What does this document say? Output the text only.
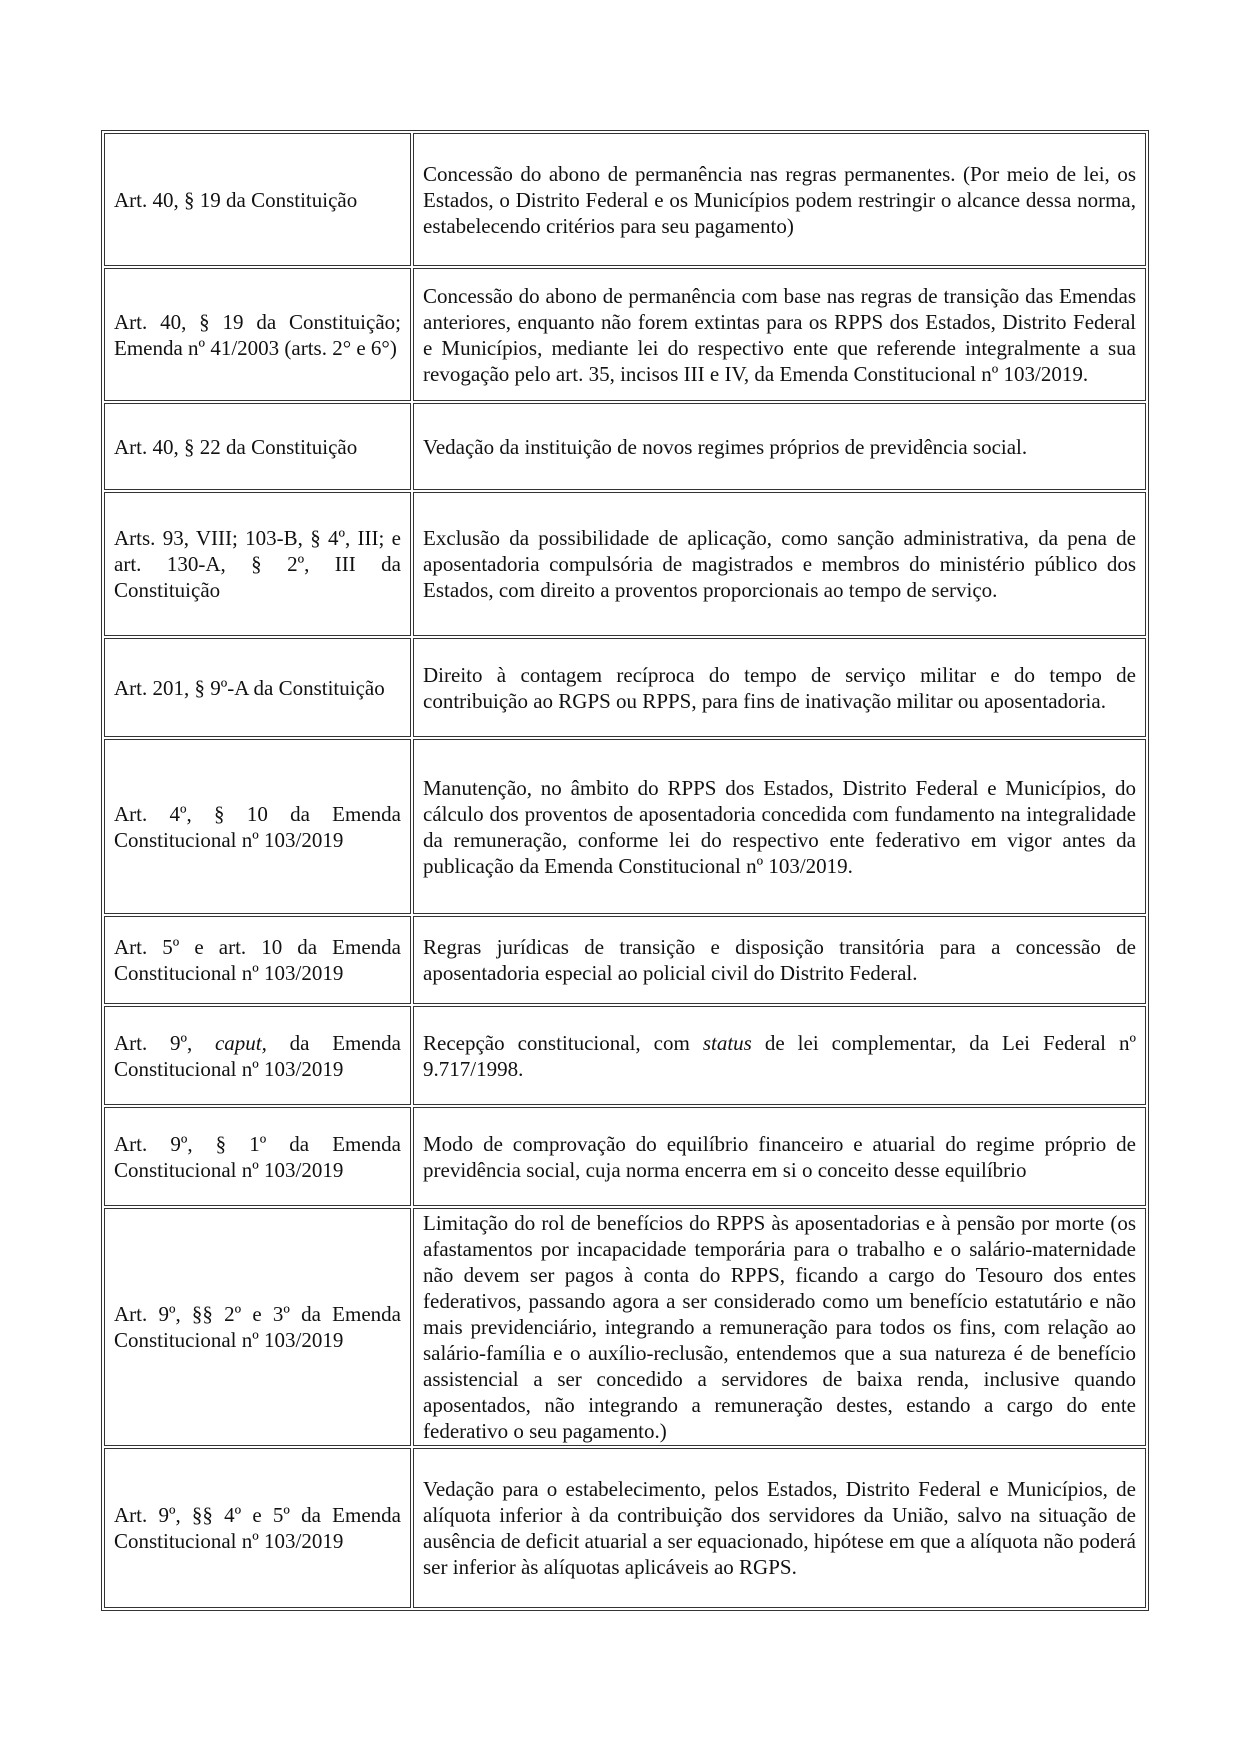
Art. 40, § 19 da Constituição	Concessão do abono de permanência nas regras permanentes. (Por meio de lei, os Estados, o Distrito Federal e os Municípios podem restringir o alcance dessa norma, estabelecendo critérios para seu pagamento)
Art. 40, § 19 da Constituição; Emenda nº 41/2003 (arts. 2° e 6°)	Concessão do abono de permanência com base nas regras de transição das Emendas anteriores, enquanto não forem extintas para os RPPS dos Estados, Distrito Federal e Municípios, mediante lei do respectivo ente que referende integralmente a sua revogação pelo art. 35, incisos III e IV, da Emenda Constitucional nº 103/2019.
Art. 40, § 22 da Constituição	Vedação da instituição de novos regimes próprios de previdência social.
Arts. 93, VIII; 103-B, § 4º, III; e art. 130-A, § 2º, III da Constituição	Exclusão da possibilidade de aplicação, como sanção administrativa, da pena de aposentadoria compulsória de magistrados e membros do ministério público dos Estados, com direito a proventos proporcionais ao tempo de serviço.
Art. 201, § 9º-A da Constituição	Direito à contagem recíproca do tempo de serviço militar e do tempo de contribuição ao RGPS ou RPPS, para fins de inativação militar ou aposentadoria.
Art. 4º, § 10 da Emenda Constitucional nº 103/2019	Manutenção, no âmbito do RPPS dos Estados, Distrito Federal e Municípios, do cálculo dos proventos de aposentadoria concedida com fundamento na integralidade da remuneração, conforme lei do respectivo ente federativo em vigor antes da publicação da Emenda Constitucional nº 103/2019.
Art. 5º e art. 10 da Emenda Constitucional nº 103/2019	Regras jurídicas de transição e disposição transitória para a concessão de aposentadoria especial ao policial civil do Distrito Federal.
Art. 9º, caput, da Emenda Constitucional nº 103/2019	Recepção constitucional, com status de lei complementar, da Lei Federal nº 9.717/1998.
Art. 9º, § 1º da Emenda Constitucional nº 103/2019	Modo de comprovação do equilíbrio financeiro e atuarial do regime próprio de previdência social, cuja norma encerra em si o conceito desse equilíbrio
Art. 9º, §§ 2º e 3º da Emenda Constitucional nº 103/2019	Limitação do rol de benefícios do RPPS às aposentadorias e à pensão por morte (os afastamentos por incapacidade temporária para o trabalho e o salário-maternidade não devem ser pagos à conta do RPPS, ficando a cargo do Tesouro dos entes federativos, passando agora a ser considerado como um benefício estatutário e não mais previdenciário, integrando a remuneração para todos os fins, com relação ao salário-família e o auxílio-reclusão, entendemos que a sua natureza é de benefício assistencial a ser concedido a servidores de baixa renda, inclusive quando aposentados, não integrando a remuneração destes, estando a cargo do ente federativo o seu pagamento.)
Art. 9º, §§ 4º e 5º da Emenda Constitucional nº 103/2019	Vedação para o estabelecimento, pelos Estados, Distrito Federal e Municípios, de alíquota inferior à da contribuição dos servidores da União, salvo na situação de ausência de deficit atuarial a ser equacionado, hipótese em que a alíquota não poderá ser inferior às alíquotas aplicáveis ao RGPS.
